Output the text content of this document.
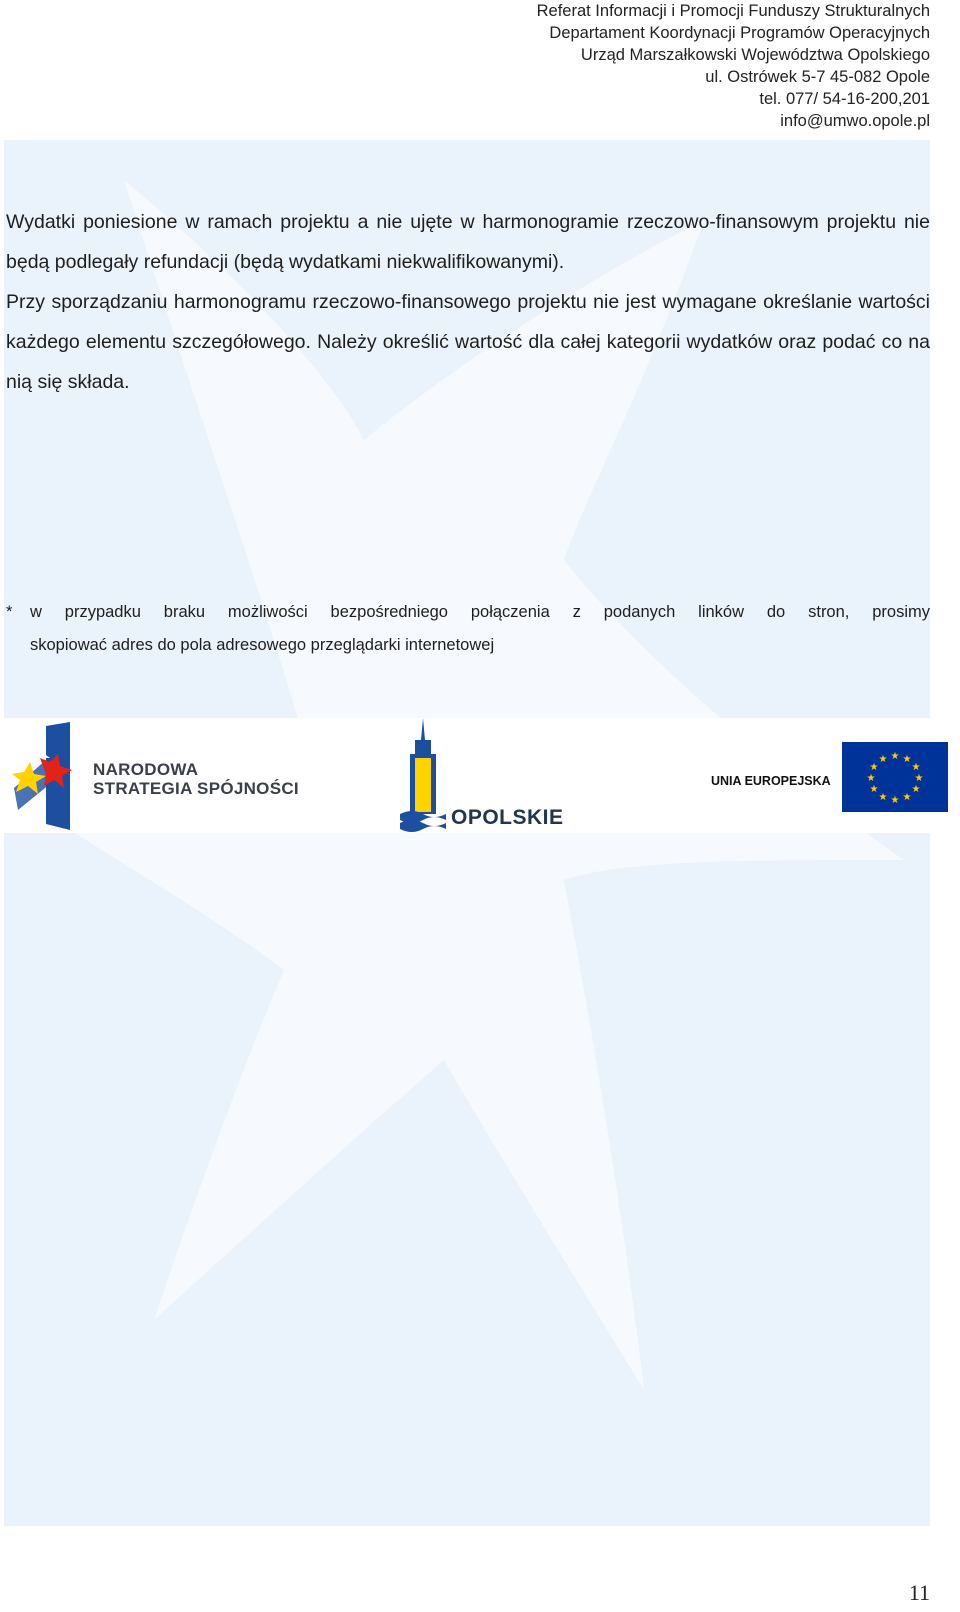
Referat Informacji i Promocji Funduszy Strukturalnych
Departament Koordynacji Programów Operacyjnych
Urząd Marszałkowski Województwa Opolskiego
ul. Ostrówek 5-7 45-082 Opole
tel. 077/ 54-16-200,201
info@umwo.opole.pl

Wydatki poniesione w ramach projektu a nie ujęte w harmonogramie rzeczowo-finansowym projektu nie będą podlegały refundacji (będą wydatkami niekwalifikowanymi).

Przy sporządzaniu harmonogramu rzeczowo-finansowego projektu nie jest wymagane określanie wartości każdego elementu szczegółowego. Należy określić wartość dla całej kategorii wydatków oraz podać co na nią się składa.

*	w przypadku braku możliwości bezpośredniego połączenia z podanych linków do stron, prosimy
skopiować adres do pola adresowego przeglądarki internetowej
NARODOWA
STRATEGIA SPÓJNOŚCI
OPOLSKIE
UNIA EUROPEJSKA
★ ★
★
★
★
★
★
★
★
★
★
★
11
